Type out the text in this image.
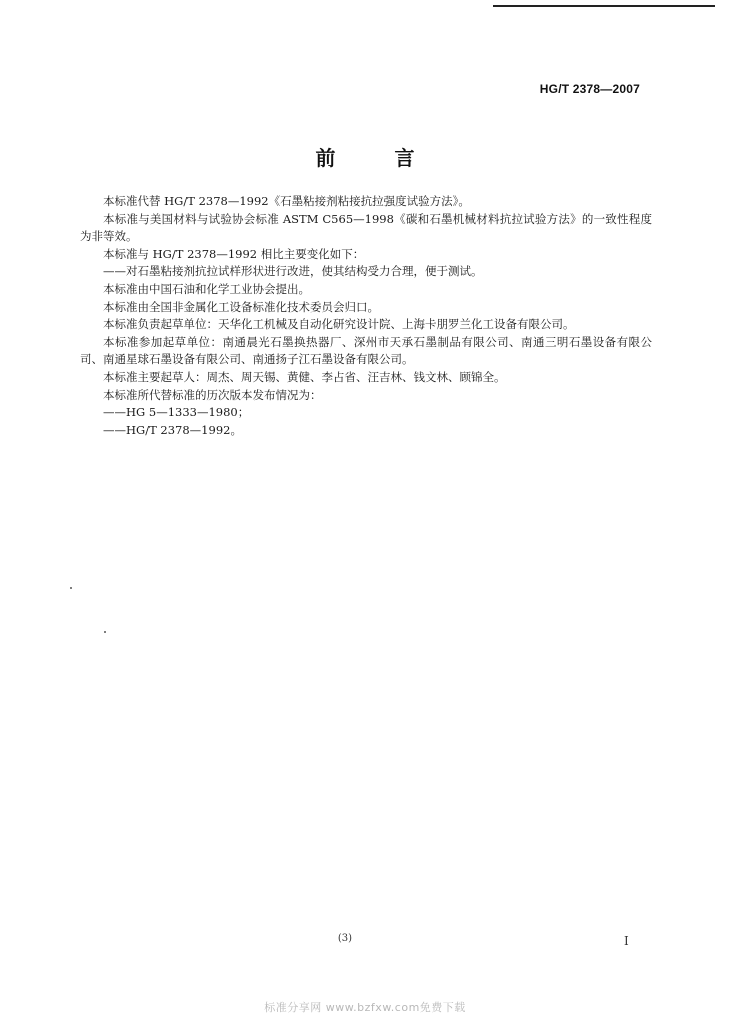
HG/T 2378—2007
前 言

本标准代替 HG/T 2378—1992《石墨粘接剂粘接抗拉强度试验方法》。

本标准与美国材料与试验协会标准 ASTM C565—1998《碳和石墨机械材料抗拉试验方法》的一致性程度为非等效。

本标准与 HG/T 2378—1992 相比主要变化如下：

——对石墨粘接剂抗拉试样形状进行改进，使其结构受力合理，便于测试。

本标准由中国石油和化学工业协会提出。

本标准由全国非金属化工设备标准化技术委员会归口。

本标准负责起草单位：天华化工机械及自动化研究设计院、上海卡朋罗兰化工设备有限公司。

本标准参加起草单位：南通晨光石墨换热器厂、深州市天承石墨制品有限公司、南通三明石墨设备有限公司、南通星球石墨设备有限公司、南通扬子江石墨设备有限公司。

本标准主要起草人：周杰、周天锡、黄健、李占省、汪吉林、钱文林、顾锦全。

本标准所代替标准的历次版本发布情况为：

——HG 5—1333—1980；

——HG/T 2378—1992。

(3)	I
标准分享网 www.bzfxw.com免费下载
